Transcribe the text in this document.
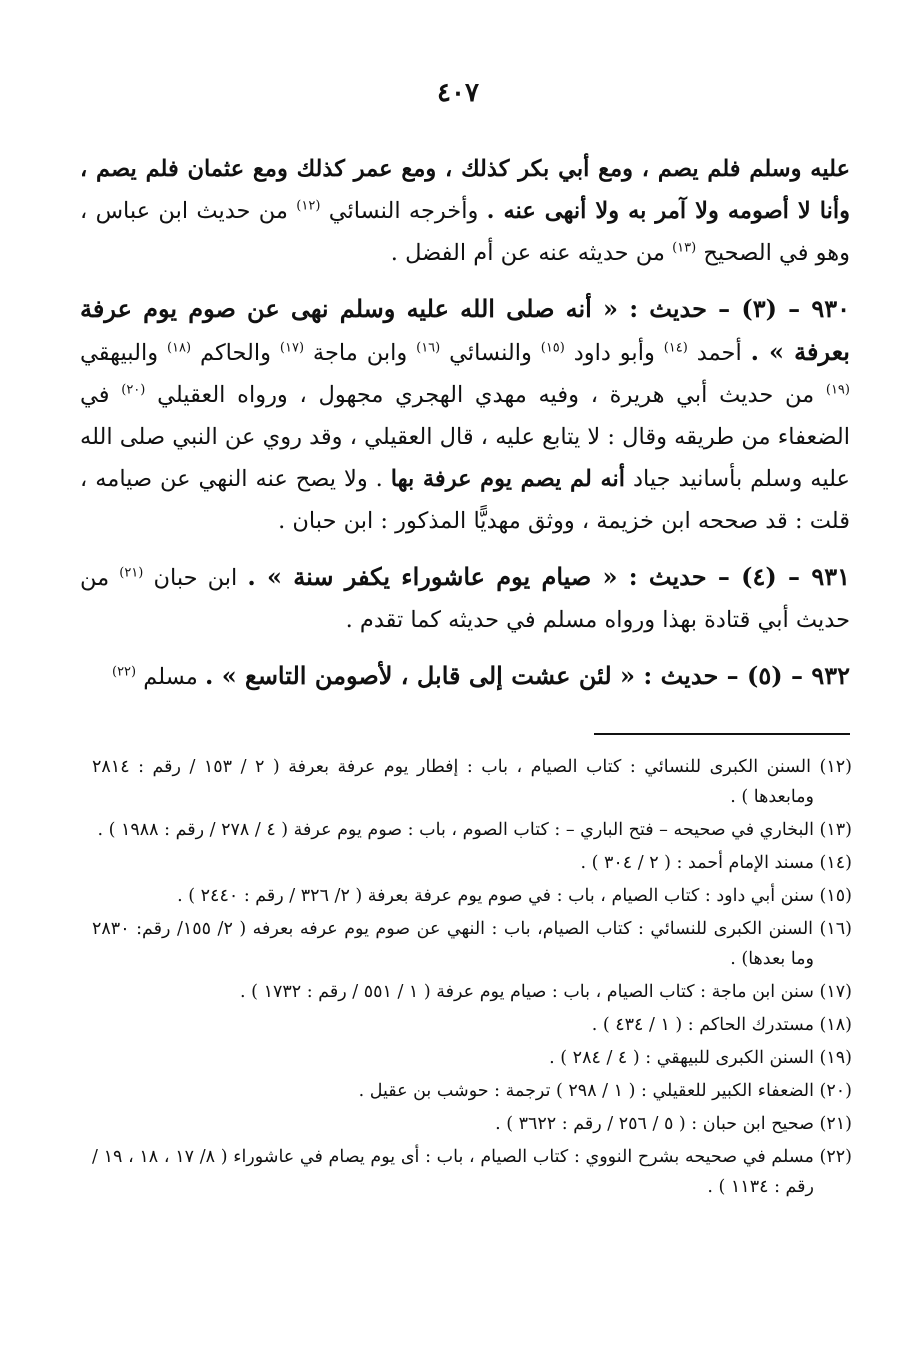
٤٠٧

عليه وسلم فلم يصم ، ومع أبي بكر كذلك ، ومع عمر كذلك ومع عثمان فلم يصم ، وأنا لا أصومه ولا آمر به ولا أنهى عنه . وأخرجه النسائي $^{(١٢)}$ من حديث ابن عباس ، وهو في الصحيح $^{(١٣)}$ من حديثه عنه عن أم الفضل .

٩٣٠ – (٣) – حديث : « أنه صلى الله عليه وسلم نهى عن صوم يوم عرفة بعرفة » . أحمد $^{(١٤)}$ وأبو داود $^{(١٥)}$ والنسائي $^{(١٦)}$ وابن ماجة $^{(١٧)}$ والحاكم $^{(١٨)}$ والبيهقي $^{(١٩)}$ من حديث أبي هريرة ، وفيه مهدي الهجري مجهول ، ورواه العقيلي $^{(٢٠)}$ في الضعفاء من طريقه وقال : لا يتابع عليه ، قال العقيلي ، وقد روي عن النبي صلى الله عليه وسلم بأسانيد جياد أنه لم يصم يوم عرفة بها . ولا يصح عنه النهي عن صيامه ، قلت : قد صححه ابن خزيمة ، ووثق مهديًّا المذكور : ابن حبان .

٩٣١ – (٤) – حديث : « صيام يوم عاشوراء يكفر سنة » . ابن حبان $^{(٢١)}$ من حديث أبي قتادة بهذا ورواه مسلم في حديثه كما تقدم .

٩٣٢ – (٥) – حديث : « لئن عشت إلى قابل ، لأصومن التاسع » . مسلم $^{(٢٢)}$

(١٢) السنن الكبرى للنسائي : كتاب الصيام ، باب : إفطار يوم عرفة بعرفة ( ٢ / ١٥٣ / رقم : ٢٨١٤ ومابعدها ) .

(١٣) البخاري في صحيحه – فتح الباري – : كتاب الصوم ، باب : صوم يوم عرفة ( ٤ / ٢٧٨ / رقم : ١٩٨٨ ) .

(١٤) مسند الإمام أحمد : ( ٢ / ٣٠٤ ) .

(١٥) سنن أبي داود : كتاب الصيام ، باب : في صوم يوم عرفة بعرفة ( ٢/ ٣٢٦ / رقم : ٢٤٤٠ ) .

(١٦) السنن الكبرى للنسائي : كتاب الصيام، باب : النهي عن صوم يوم عرفه بعرفه ( ٢/ ١٥٥/ رقم: ٢٨٣٠ وما بعدها) .

(١٧) سنن ابن ماجة : كتاب الصيام ، باب : صيام يوم عرفة ( ١ / ٥٥١ / رقم : ١٧٣٢ ) .

(١٨) مستدرك الحاكم : ( ١ / ٤٣٤ ) .

(١٩) السنن الكبرى للبيهقي : ( ٤ / ٢٨٤ ) .

(٢٠) الضعفاء الكبير للعقيلي : ( ١ / ٢٩٨ ) ترجمة : حوشب بن عقيل .

(٢١) صحيح ابن حبان : ( ٥ / ٢٥٦ / رقم : ٣٦٢٢ ) .

(٢٢) مسلم في صحيحه بشرح النووي : كتاب الصيام ، باب : أى يوم يصام في عاشوراء ( ٨/ ١٧ ، ١٨ ، ١٩ / رقم : ١١٣٤ ) .
